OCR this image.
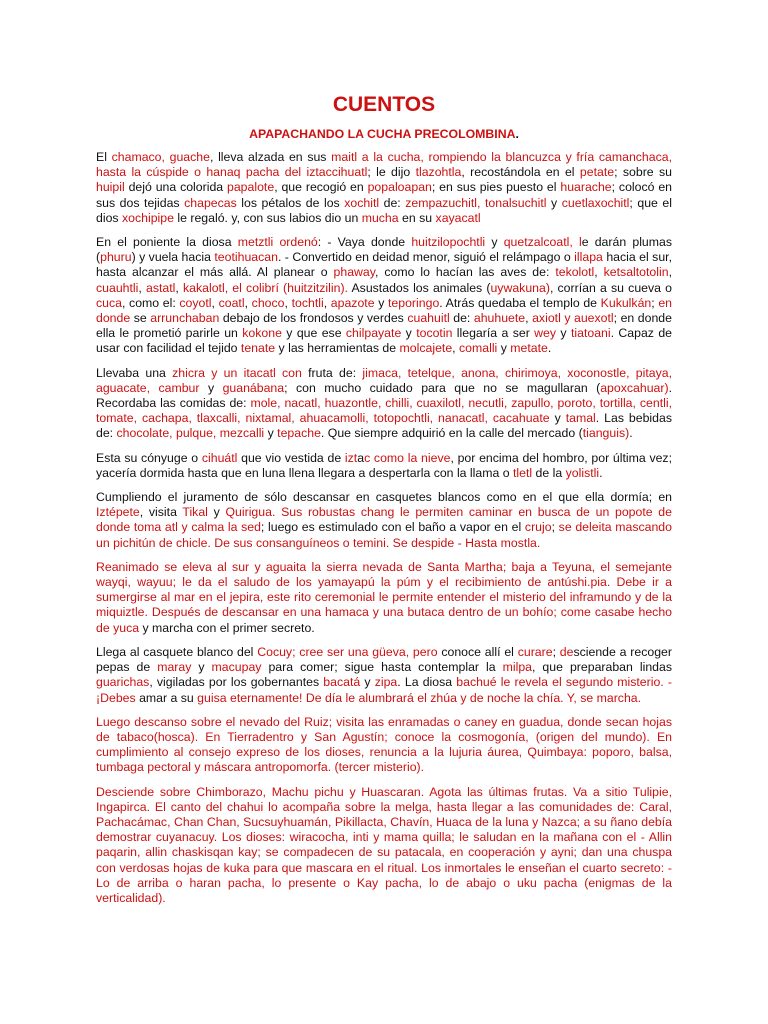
CUENTOS
APAPACHANDO LA CUCHA PRECOLOMBINA.

El chamaco, guache, lleva alzada en sus maitl a la cucha, rompiendo la blancuzca y fría camanchaca, hasta la cúspide o hanaq pacha del iztaccihuatl; le dijo tlazohtla, recostándola en el petate; sobre su huipil dejó una colorida papalote, que recogió en popaloapan; en sus pies puesto el huarache; colocó en sus dos tejidas chapecas los pétalos de los xochitl de: zempazuchitl, tonalsuchitl y cuetlaxochitl; que el dios xochipipe le regaló. y, con sus labios dio un mucha en su xayacatl

En el poniente la diosa metztli ordenó: - Vaya donde huitzilopochtli y quetzalcoatl, le darán plumas (phuru) y vuela hacia teotihuacan. - Convertido en deidad menor, siguió el relámpago o illapa hacia el sur, hasta alcanzar el más allá. Al planear o phaway, como lo hacían las aves de: tekolotl, ketsaltotolin, cuauhtli, astatl, kakalotl, el colibrí (huitzitzilin). Asustados los animales (uywakuna), corrían a su cueva o cuca, como el: coyotl, coatl, choco, tochtli, apazote y teporingo. Atrás quedaba el templo de Kukulkán; en donde se arrunchaban debajo de los frondosos y verdes cuahuitl de: ahuhuete, axiotl y auexotl; en donde ella le prometió parirle un kokone y que ese chilpayate y tocotin llegaría a ser wey y tiatoani. Capaz de usar con facilidad el tejido tenate y las herramientas de molcajete, comalli y metate.

Llevaba una zhicra y un itacatl con fruta de: jimaca, tetelque, anona, chirimoya, xoconostle, pitaya, aguacate, cambur y guanábana; con mucho cuidado para que no se magullaran (apoxcahuar). Recordaba las comidas de: mole, nacatl, huazontle, chilli, cuaxilotl, necutli, zapullo, poroto, tortilla, centli, tomate, cachapa, tlaxcalli, nixtamal, ahuacamolli, totopochtli, nanacatl, cacahuate y tamal. Las bebidas de: chocolate, pulque, mezcalli y tepache. Que siempre adquirió en la calle del mercado (tianguis).

Esta su cónyuge o cihuátl que vio vestida de iztac como la nieve, por encima del hombro, por última vez; yacería dormida hasta que en luna llena llegara a despertarla con la llama o tletl de la yolistli.

Cumpliendo el juramento de sólo descansar en casquetes blancos como en el que ella dormía; en Iztépete, visita Tikal y Quirigua. Sus robustas chang le permiten caminar en busca de un popote de donde toma atl y calma la sed; luego es estimulado con el baño a vapor en el crujo; se deleita mascando un pichitún de chicle. De sus consanguíneos o temini. Se despide - Hasta mostla.

Reanimado se eleva al sur y aguaita la sierra nevada de Santa Martha; baja a Teyuna, el semejante wayqi, wayuu; le da el saludo de los yamayapú la púm y el recibimiento de antúshi.pia. Debe ir a sumergirse al mar en el jepira, este rito ceremonial le permite entender el misterio del inframundo y de la miquiztle. Después de descansar en una hamaca y una butaca dentro de un bohío; come casabe hecho de yuca y marcha con el primer secreto.

Llega al casquete blanco del Cocuy; cree ser una güeva, pero conoce allí el curare; desciende a recoger pepas de maray y macupay para comer; sigue hasta contemplar la milpa, que preparaban lindas guarichas, vigiladas por los gobernantes bacatá y zipa. La diosa bachué le revela el segundo misterio. - ¡Debes amar a su guisa eternamente! De día le alumbrará el zhúa y de noche la chía. Y, se marcha.

Luego descanso sobre el nevado del Ruiz; visita las enramadas o caney en guadua, donde secan hojas de tabaco(hosca). En Tierradentro y San Agustín; conoce la cosmogonía, (origen del mundo). En cumplimiento al consejo expreso de los dioses, renuncia a la lujuria áurea, Quimbaya: poporo, balsa, tumbaga pectoral y máscara antropomorfa. (tercer misterio).

Desciende sobre Chimborazo, Machu pichu y Huascaran. Agota las últimas frutas. Va a sitio Tulipie, Ingapirca. El canto del chahui lo acompaña sobre la melga, hasta llegar a las comunidades de: Caral, Pachacámac, Chan Chan, Sucsuyhuamán, Pikillacta, Chavín, Huaca de la luna y Nazca; a su ñano debía demostrar cuyanacuy. Los dioses: wiracocha, inti y mama quilla; le saludan en la mañana con el - Allin paqarin, allin chaskisqan kay; se compadecen de su patacala, en cooperación y ayni; dan una chuspa con verdosas hojas de kuka para que mascara en el ritual. Los inmortales le enseñan el cuarto secreto: - Lo de arriba o haran pacha, lo presente o Kay pacha, lo de abajo o uku pacha (enigmas de la verticalidad).
